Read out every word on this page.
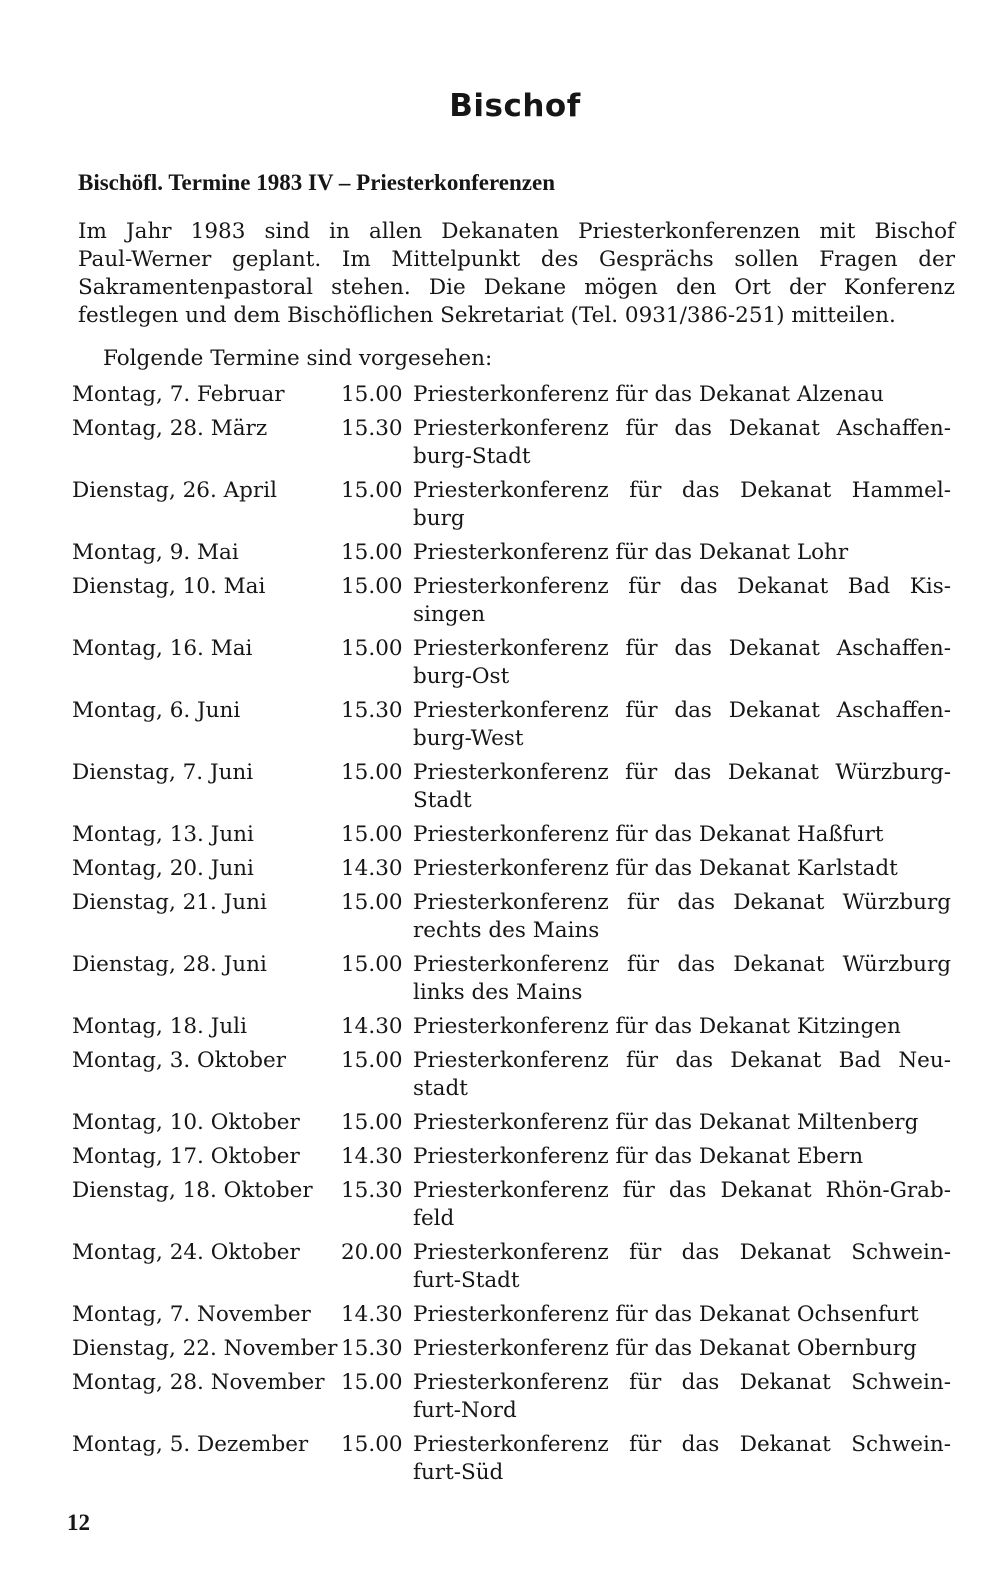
Bischof
Bischöfl. Termine 1983 IV – Priesterkonferenzen
Im Jahr 1983 sind in allen Dekanaten Priesterkonferenzen mit Bischof
Paul-Werner geplant. Im Mittelpunkt des Gesprächs sollen Fragen der
Sakramentenpastoral stehen. Die Dekane mögen den Ort der Konferenz
festlegen und dem Bischöflichen Sekretariat (Tel. 0931/386-251) mitteilen.
Folgende Termine sind vorgesehen:
Montag, 7. Februar	15.00 Priesterkonferenz für das Dekanat Alzenau
Montag, 28. März	15.30 Priesterkonferenz für das Dekanat Aschaffen-
burg-Stadt
Dienstag, 26. April	15.00 Priesterkonferenz für das Dekanat Hammel-
burg
Montag, 9. Mai	15.00 Priesterkonferenz für das Dekanat Lohr
Dienstag, 10. Mai	15.00 Priesterkonferenz für das Dekanat Bad Kis-
singen
Montag, 16. Mai	15.00 Priesterkonferenz für das Dekanat Aschaffen-
burg-Ost
Montag, 6. Juni	15.30 Priesterkonferenz für das Dekanat Aschaffen-
burg-West
Dienstag, 7. Juni	15.00 Priesterkonferenz für das Dekanat Würzburg-
Stadt
Montag, 13. Juni	15.00 Priesterkonferenz für das Dekanat Haßfurt
Montag, 20. Juni	14.30 Priesterkonferenz für das Dekanat Karlstadt
Dienstag, 21. Juni	15.00 Priesterkonferenz für das Dekanat Würzburg
rechts des Mains
Dienstag, 28. Juni	15.00 Priesterkonferenz für das Dekanat Würzburg
links des Mains
Montag, 18. Juli	14.30 Priesterkonferenz für das Dekanat Kitzingen
Montag, 3. Oktober	15.00 Priesterkonferenz für das Dekanat Bad Neu-
stadt
Montag, 10. Oktober 15.00 Priesterkonferenz für das Dekanat Miltenberg
Montag, 17. Oktober 14.30 Priesterkonferenz für das Dekanat Ebern
Dienstag, 18. Oktober 15.30 Priesterkonferenz für das Dekanat Rhön-Grab-
feld
Montag, 24. Oktober 20.00 Priesterkonferenz für das Dekanat Schwein-
furt-Stadt
Montag, 7. November 14.30 Priesterkonferenz für das Dekanat Ochsenfurt
Dienstag, 22. November 15.30 Priesterkonferenz für das Dekanat Obernburg
Montag, 28. November 15.00 Priesterkonferenz für das Dekanat Schwein-
furt-Nord
Montag, 5. Dezember 15.00 Priesterkonferenz für das Dekanat Schwein-
furt-Süd
12
